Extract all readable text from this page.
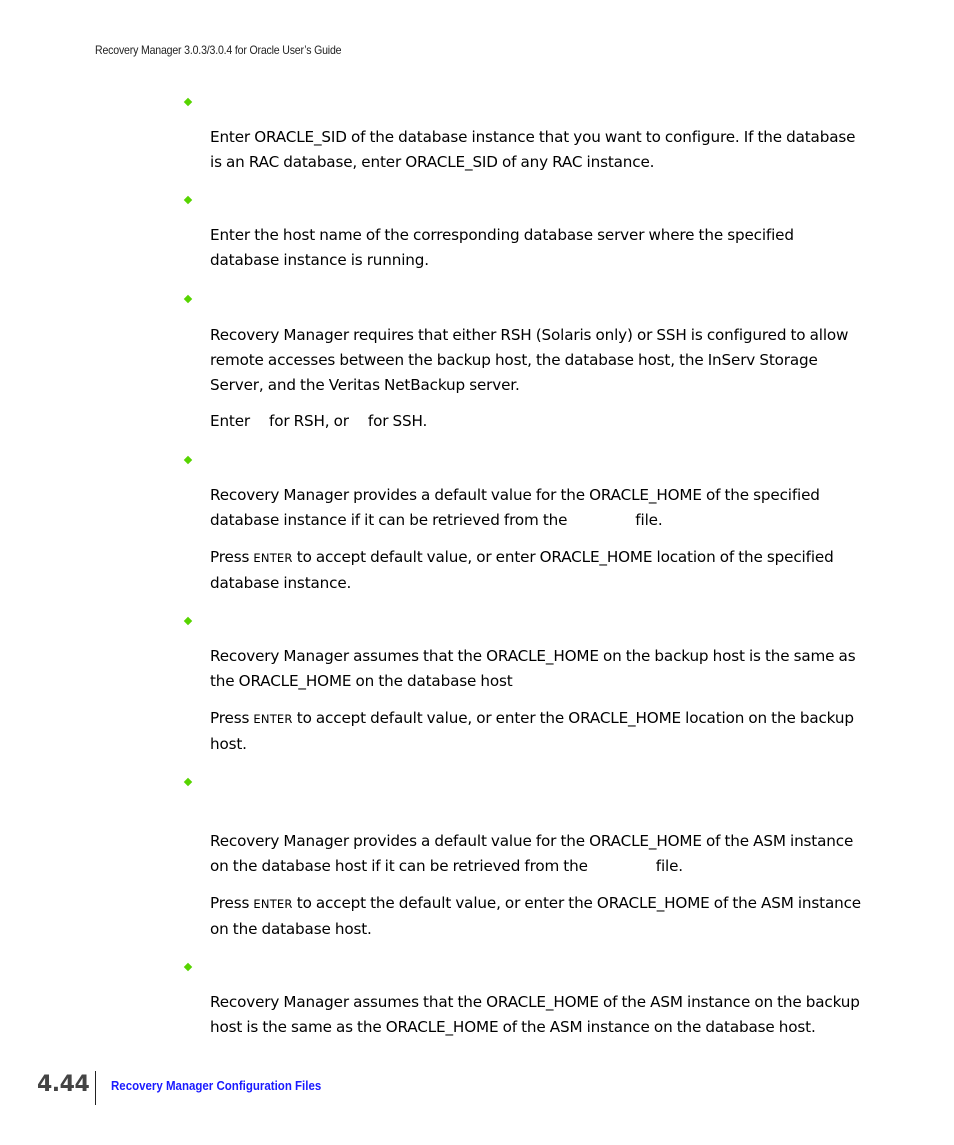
Recovery Manager 3.0.3/3.0.4 for Oracle User’s Guide

Enter ORACLE_SID of the database instance that you want to configure. If the database is an RAC database, enter ORACLE_SID of any RAC instance.

Enter the host name of the corresponding database server where the specified database instance is running.

Recovery Manager requires that either RSH (Solaris only) or SSH is configured to allow remote accesses between the backup host, the database host, the InServ Storage Server, and the Veritas NetBackup server.

Enter for RSH, or for SSH.

Recovery Manager provides a default value for the ORACLE_HOME of the specified database instance if it can be retrieved from the	file.

Press ENTER to accept default value, or enter ORACLE_HOME location of the specified database instance.

Recovery Manager assumes that the ORACLE_HOME on the backup host is the same as the ORACLE_HOME on the database host

Press ENTER to accept default value, or enter the ORACLE_HOME location on the backup host.

Recovery Manager provides a default value for the ORACLE_HOME of the ASM instance on the database host if it can be retrieved from the	file.

Press ENTER to accept the default value, or enter the ORACLE_HOME of the ASM instance on the database host.

Recovery Manager assumes that the ORACLE_HOME of the ASM instance on the backup host is the same as the ORACLE_HOME of the ASM instance on the database host.

4.44 Recovery Manager Configuration Files
